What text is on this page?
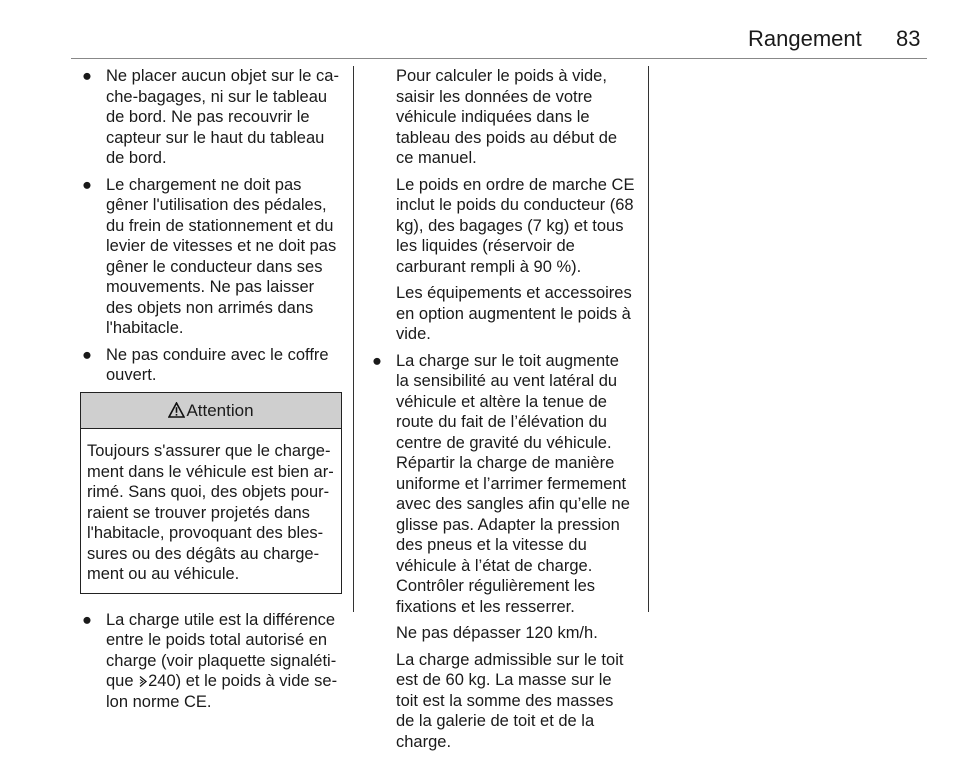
Rangement 83
● Ne placer aucun objet sur le cache-bagages, ni sur le tableau de bord. Ne pas recouvrir le capteur sur le haut du tableau de bord.
● Le chargement ne doit pas gêner l'utilisation des pédales, du frein de stationnement et du levier de vitesses et ne doit pas gêner le conducteur dans ses mouvements. Ne pas laisser des objets non arrimés dans l'habitacle.
● Ne pas conduire avec le coffre ouvert.
Attention
Toujours s'assurer que le chargement dans le véhicule est bien arrimé. Sans quoi, des objets pourraient se trouver projetés dans l'habitacle, provoquant des blessures ou des dégâts au chargement ou au véhicule.
● La charge utile est la différence entre le poids total autorisé en charge (voir plaquette signalétique 240) et le poids à vide selon norme CE.

Pour calculer le poids à vide, saisir les données de votre véhicule indiquées dans le tableau des poids au début de ce manuel.

Le poids en ordre de marche CE inclut le poids du conducteur (68 kg), des bagages (7 kg) et tous les liquides (réservoir de carburant rempli à 90 %).

Les équipements et accessoires en option augmentent le poids à vide.

● La charge sur le toit augmente la sensibilité au vent latéral du véhicule et altère la tenue de route du fait de l’élévation du centre de gravité du véhicule. Répartir la charge de manière uniforme et l’arrimer fermement avec des sangles afin qu’elle ne glisse pas. Adapter la pression des pneus et la vitesse du véhicule à l’état de charge. Contrôler régulièrement les fixations et les resserrer.

Ne pas dépasser 120 km/h.

La charge admissible sur le toit est de 60 kg. La masse sur le toit est la somme des masses de la galerie de toit et de la charge.
